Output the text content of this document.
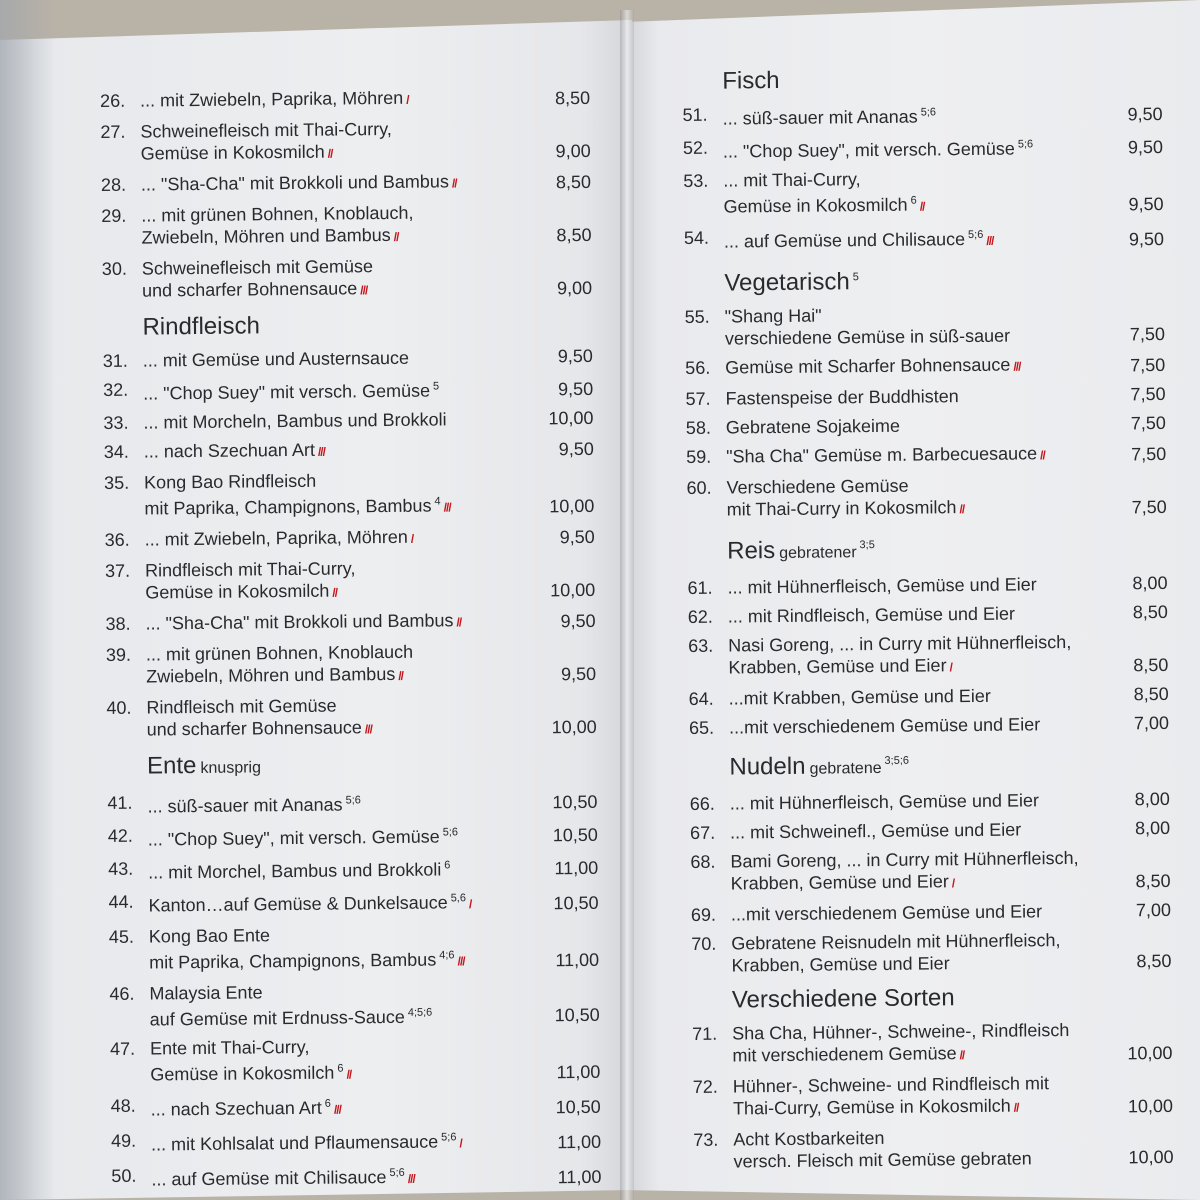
26. ... mit Zwiebeln, Paprika, Möhren /	8,50
27. Schweinefleisch mit Thai-Curry,
Gemüse in Kokosmilch //	9,00
28. ... "Sha-Cha" mit Brokkoli und Bambus //	8,50
29. ... mit grünen Bohnen, Knoblauch,
Zwiebeln, Möhren und Bambus //	8,50
30. Schweinefleisch mit Gemüse
und scharfer Bohnensauce ///	9,00
Rindfleisch
31. ... mit Gemüse und Austernsauce	9,50
32. ... "Chop Suey" mit versch. Gemüse $^5$	9,50
33. ... mit Morcheln, Bambus und Brokkoli	10,00
34. ... nach Szechuan Art ///	9,50
35. Kong Bao Rindfleisch
mit Paprika, Champignons, Bambus $^4$ ///	10,00
36. ... mit Zwiebeln, Paprika, Möhren /	9,50
37. Rindfleisch mit Thai-Curry,
Gemüse in Kokosmilch //	10,00
38. ... "Sha-Cha" mit Brokkoli und Bambus //	9,50
39. ... mit grünen Bohnen, Knoblauch
Zwiebeln, Möhren und Bambus //	9,50
40. Rindfleisch mit Gemüse
und scharfer Bohnensauce ///	10,00
Ente knusprig
41. ... süß-sauer mit Ananas $^{5;6}$	10,50
42. ... "Chop Suey", mit versch. Gemüse $^{5;6}$	10,50
43. ... mit Morchel, Bambus und Brokkoli $^6$	11,00
44. Kanton…auf Gemüse & Dunkelsauce $^{5,6}$ /	10,50
45. Kong Bao Ente
mit Paprika, Champignons, Bambus $^{4;6}$ ///	11,00
46. Malaysia Ente
auf Gemüse mit Erdnuss-Sauce $^{4;5;6}$	10,50
47. Ente mit Thai-Curry,
Gemüse in Kokosmilch $^6$ //	11,00
48. ... nach Szechuan Art $^6$ ///	10,50
49. ... mit Kohlsalat und Pflaumensauce $^{5;6}$ /	11,00
50. ... auf Gemüse mit Chilisauce $^{5;6}$ ///	11,00
Fisch
51. ... süß-sauer mit Ananas $^{5;6}$	9,50
52. ... "Chop Suey", mit versch. Gemüse $^{5;6}$	9,50
53. ... mit Thai-Curry,
Gemüse in Kokosmilch $^6$ //	9,50
54. ... auf Gemüse und Chilisauce $^{5;6}$ ///	9,50
Vegetarisch $^5$
55. "Shang Hai"
verschiedene Gemüse in süß-sauer	7,50
56. Gemüse mit Scharfer Bohnensauce ///	7,50
57. Fastenspeise der Buddhisten	7,50
58. Gebratene Sojakeime	7,50
59. "Sha Cha" Gemüse m. Barbecuesauce //	7,50
60. Verschiedene Gemüse
mit Thai-Curry in Kokosmilch //	7,50
Reis gebratener $^{3;5}$
61. ... mit Hühnerfleisch, Gemüse und Eier	8,00
62. ... mit Rindfleisch, Gemüse und Eier	8,50
63. Nasi Goreng, ... in Curry mit Hühnerfleisch,
Krabben, Gemüse und Eier /	8,50
64. ...mit Krabben, Gemüse und Eier	8,50
65. ...mit verschiedenem Gemüse und Eier	7,00
Nudeln gebratene $^{3;5;6}$
66. ... mit Hühnerfleisch, Gemüse und Eier	8,00
67. ... mit Schweinefl., Gemüse und Eier	8,00
68. Bami Goreng, ... in Curry mit Hühnerfleisch,
Krabben, Gemüse und Eier /	8,50
69. ...mit verschiedenem Gemüse und Eier	7,00
70. Gebratene Reisnudeln mit Hühnerfleisch,
Krabben, Gemüse und Eier	8,50
Verschiedene Sorten
71. Sha Cha, Hühner-, Schweine-, Rindfleisch
mit verschiedenem Gemüse //	10,00
72. Hühner-, Schweine- und Rindfleisch mit
Thai-Curry, Gemüse in Kokosmilch //	10,00
73. Acht Kostbarkeiten
versch. Fleisch mit Gemüse gebraten	10,00
